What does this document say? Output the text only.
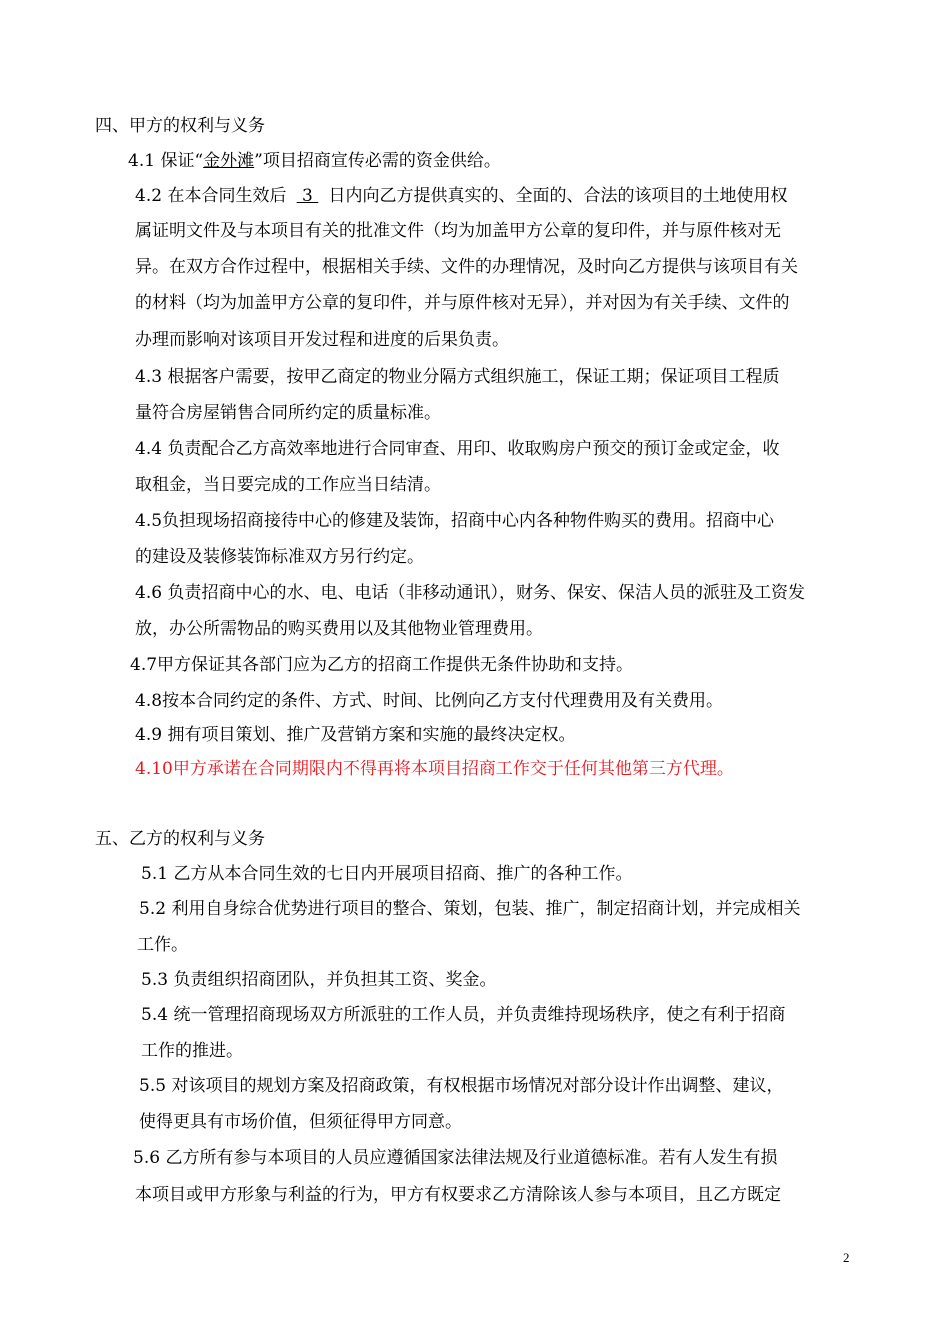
四、甲方的权利与义务
4.1 保证“金外滩”项目招商宣传必需的资金供给。
4.2 在本合同生效后 3 日内向乙方提供真实的、全面的、合法的该项目的土地使用权
属证明文件及与本项目有关的批准文件（均为加盖甲方公章的复印件，并与原件核对无
异。在双方合作过程中，根据相关手续、文件的办理情况，及时向乙方提供与该项目有关
的材料（均为加盖甲方公章的复印件，并与原件核对无异），并对因为有关手续、文件的
办理而影响对该项目开发过程和进度的后果负责。
4.3 根据客户需要，按甲乙商定的物业分隔方式组织施工，保证工期；保证项目工程质
量符合房屋销售合同所约定的质量标准。
4.4 负责配合乙方高效率地进行合同审查、用印、收取购房户预交的预订金或定金，收
取租金，当日要完成的工作应当日结清。
4.5负担现场招商接待中心的修建及装饰，招商中心内各种物件购买的费用。招商中心
的建设及装修装饰标准双方另行约定。
4.6 负责招商中心的水、电、电话（非移动通讯），财务、保安、保洁人员的派驻及工资发
放，办公所需物品的购买费用以及其他物业管理费用。
4.7甲方保证其各部门应为乙方的招商工作提供无条件协助和支持。
4.8按本合同约定的条件、方式、时间、比例向乙方支付代理费用及有关费用。
4.9 拥有项目策划、推广及营销方案和实施的最终决定权。
4.10甲方承诺在合同期限内不得再将本项目招商工作交于任何其他第三方代理。
五、乙方的权利与义务
5.1 乙方从本合同生效的七日内开展项目招商、推广的各种工作。
5.2 利用自身综合优势进行项目的整合、策划，包装、推广，制定招商计划，并完成相关
工作。
5.3 负责组织招商团队，并负担其工资、奖金。
5.4 统一管理招商现场双方所派驻的工作人员，并负责维持现场秩序，使之有利于招商
工作的推进。
5.5 对该项目的规划方案及招商政策，有权根据市场情况对部分设计作出调整、建议，
使得更具有市场价值，但须征得甲方同意。
5.6 乙方所有参与本项目的人员应遵循国家法律法规及行业道德标准。若有人发生有损
本项目或甲方形象与利益的行为，甲方有权要求乙方清除该人参与本项目，且乙方既定
2
